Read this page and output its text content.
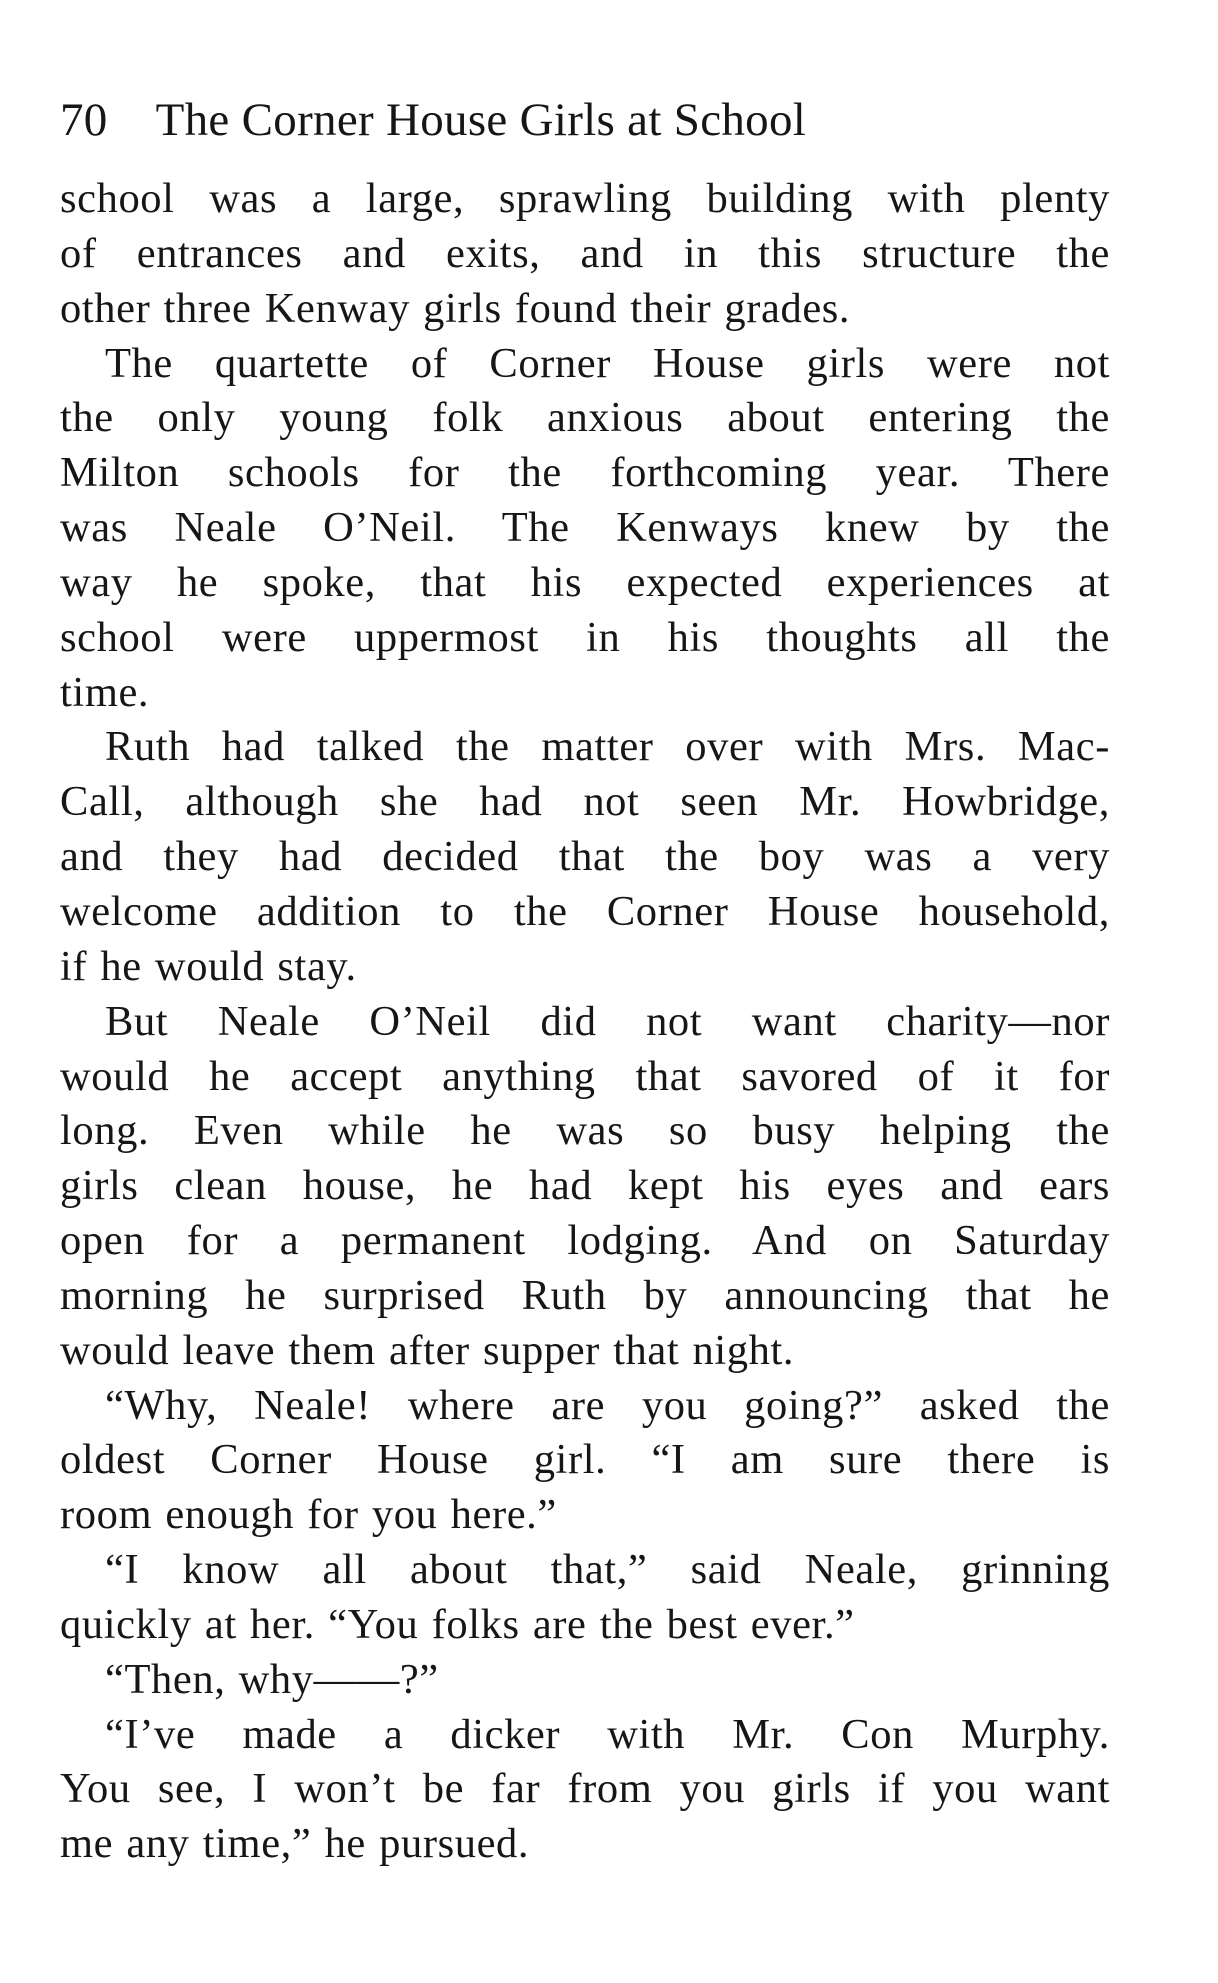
70 The Corner House Girls at School
school was a large, sprawling building with plenty
of entrances and exits, and in this structure the
other three Kenway girls found their grades.
The quartette of Corner House girls were not
the only young folk anxious about entering the
Milton schools for the forthcoming year. There
was Neale O’Neil. The Kenways knew by the
way he spoke, that his expected experiences at
school were uppermost in his thoughts all the
time.
Ruth had talked the matter over with Mrs. Mac-
Call, although she had not seen Mr. Howbridge,
and they had decided that the boy was a very
welcome addition to the Corner House household,
if he would stay.
But Neale O’Neil did not want charity—nor
would he accept anything that savored of it for
long. Even while he was so busy helping the
girls clean house, he had kept his eyes and ears
open for a permanent lodging. And on Saturday
morning he surprised Ruth by announcing that he
would leave them after supper that night.
“Why, Neale! where are you going?” asked the
oldest Corner House girl. “I am sure there is
room enough for you here.”
“I know all about that,” said Neale, grinning
quickly at her. “You folks are the best ever.”
“Then, why——?”
“I’ve made a dicker with Mr. Con Murphy.
You see, I won’t be far from you girls if you want
me any time,” he pursued.
